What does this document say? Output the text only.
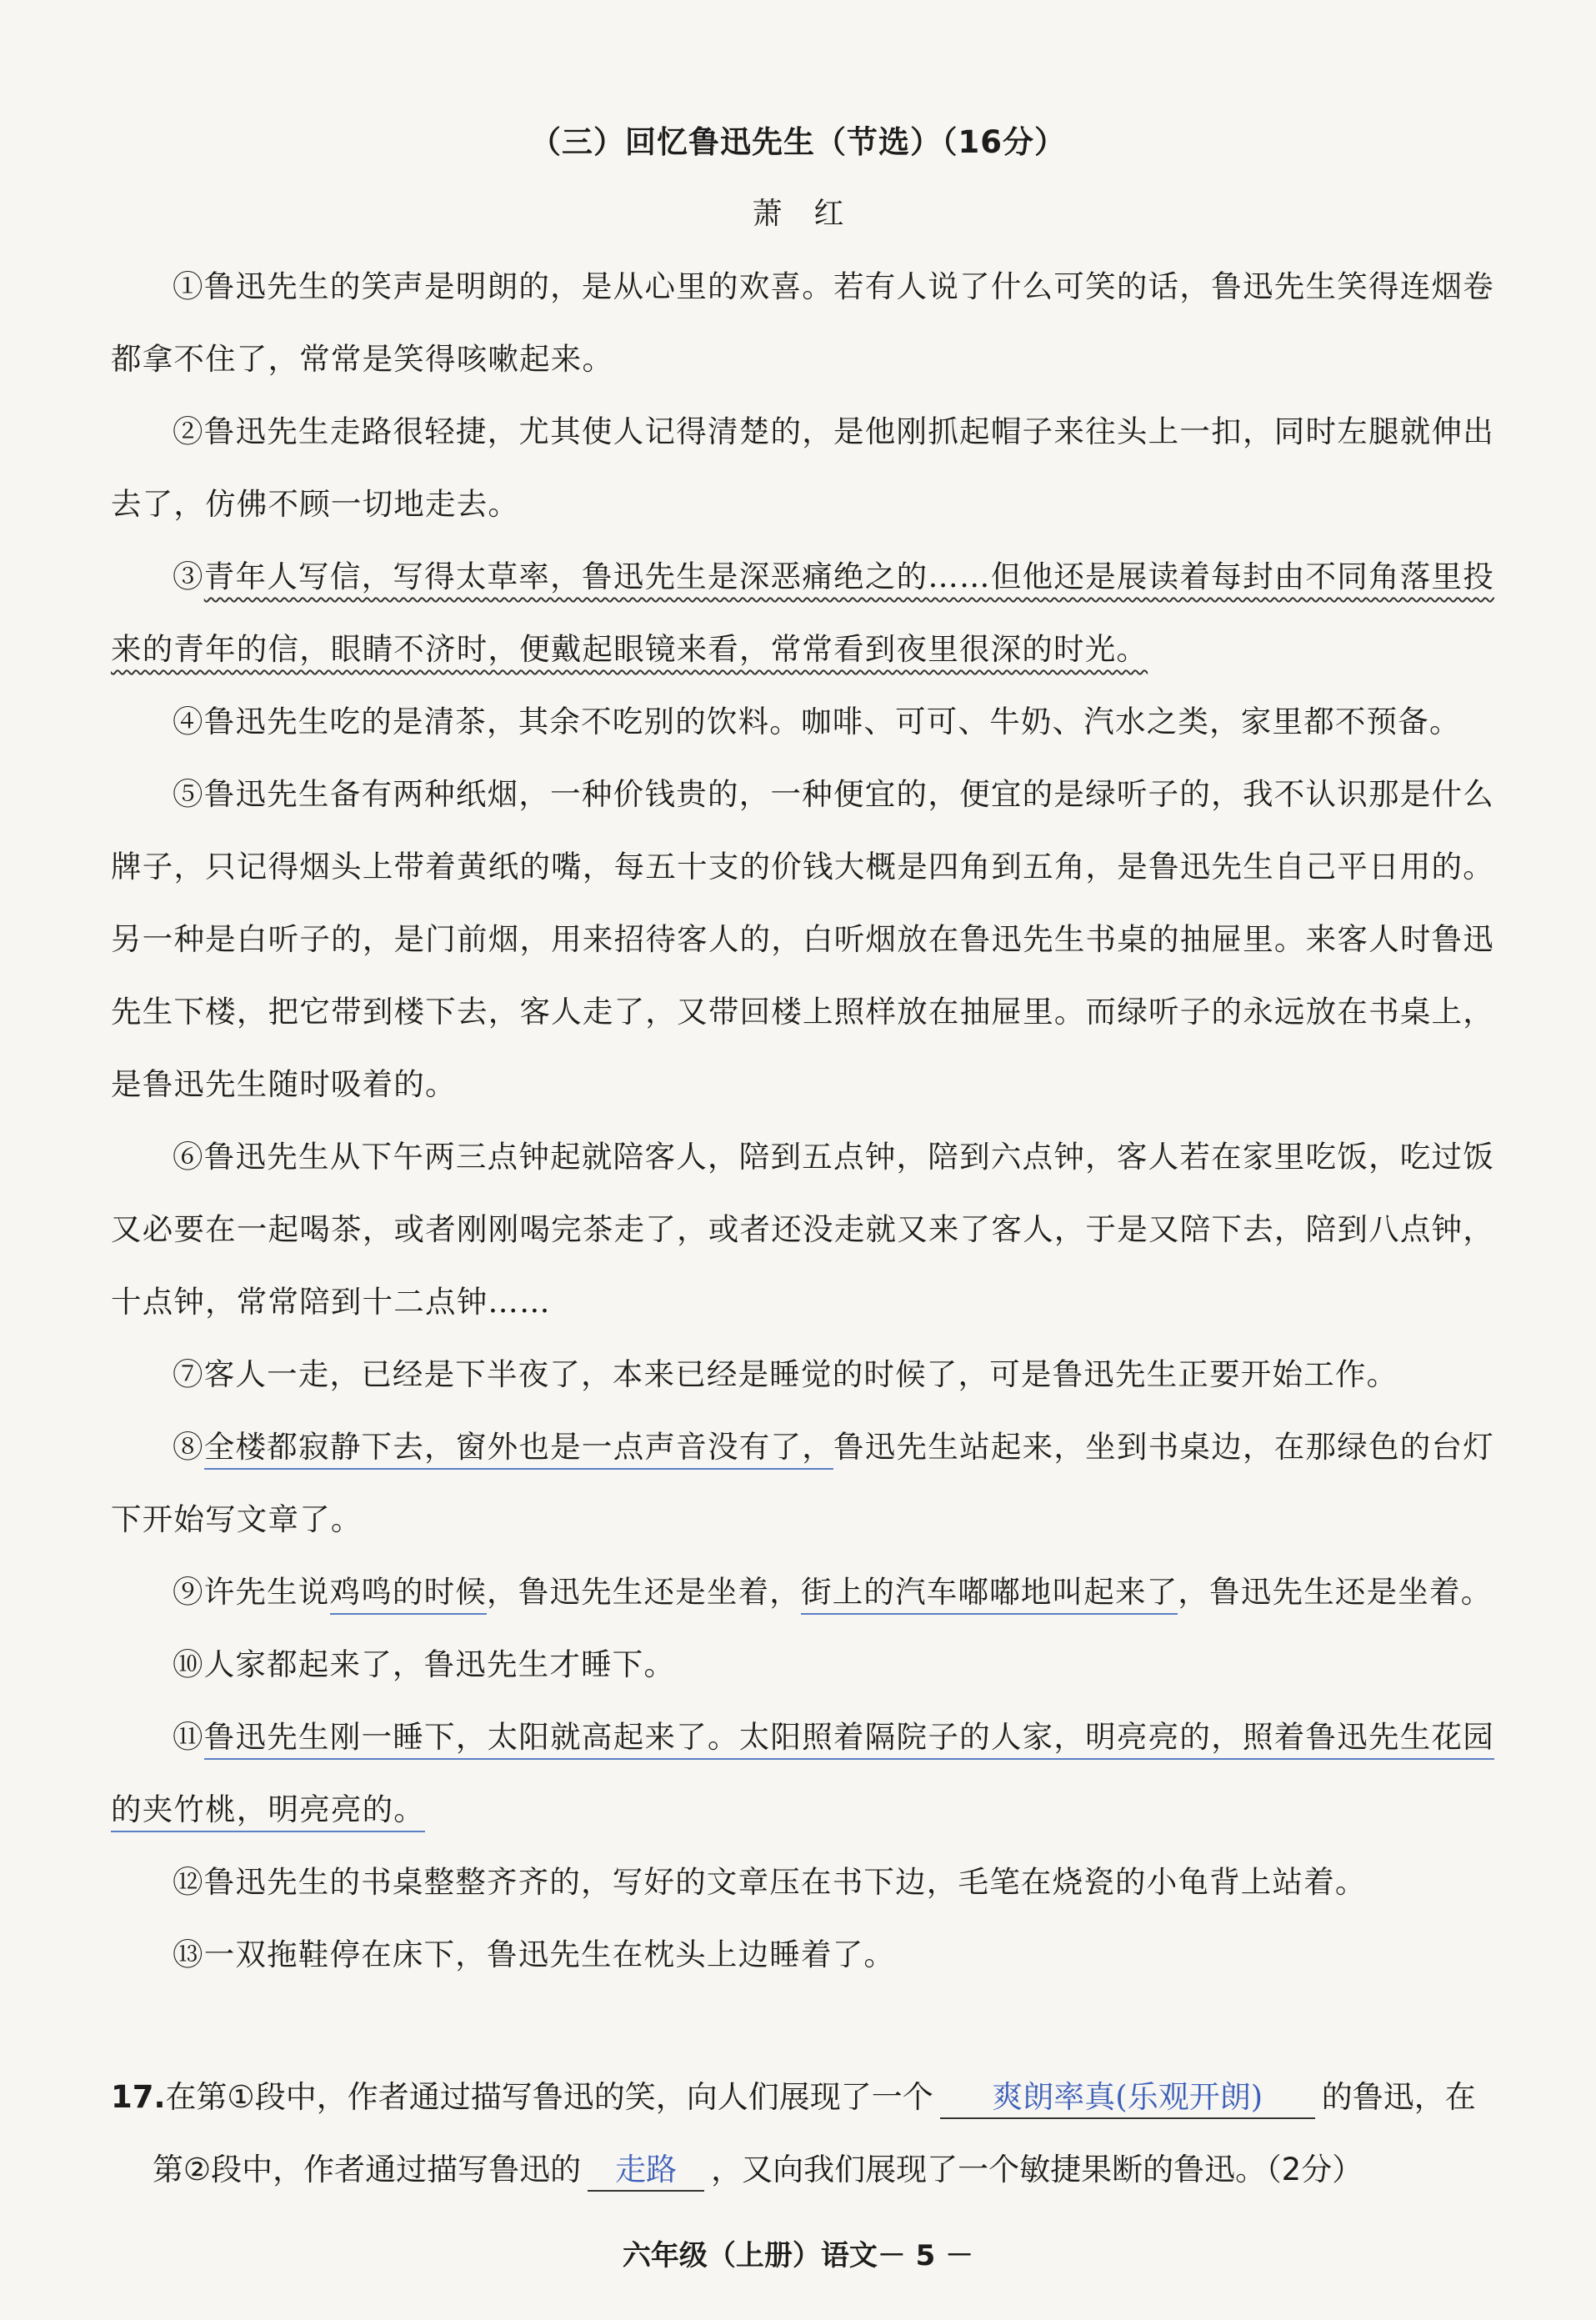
（三）回忆鲁迅先生（节选）（16分）
萧红

①鲁迅先生的笑声是明朗的，是从心里的欢喜。若有人说了什么可笑的话，鲁迅先生笑得连烟卷都拿不住了，常常是笑得咳嗽起来。

②鲁迅先生走路很轻捷，尤其使人记得清楚的，是他刚抓起帽子来往头上一扣，同时左腿就伸出去了，仿佛不顾一切地走去。

③青年人写信，写得太草率，鲁迅先生是深恶痛绝之的……但他还是展读着每封由不同角落里投来的青年的信，眼睛不济时，便戴起眼镜来看，常常看到夜里很深的时光。

④鲁迅先生吃的是清茶，其余不吃别的饮料。咖啡、可可、牛奶、汽水之类，家里都不预备。

⑤鲁迅先生备有两种纸烟，一种价钱贵的，一种便宜的，便宜的是绿听子的，我不认识那是什么牌子，只记得烟头上带着黄纸的嘴，每五十支的价钱大概是四角到五角，是鲁迅先生自己平日用的。另一种是白听子的，是门前烟，用来招待客人的，白听烟放在鲁迅先生书桌的抽屉里。来客人时鲁迅先生下楼，把它带到楼下去，客人走了，又带回楼上照样放在抽屉里。而绿听子的永远放在书桌上，是鲁迅先生随时吸着的。

⑥鲁迅先生从下午两三点钟起就陪客人，陪到五点钟，陪到六点钟，客人若在家里吃饭，吃过饭又必要在一起喝茶，或者刚刚喝完茶走了，或者还没走就又来了客人，于是又陪下去，陪到八点钟，十点钟，常常陪到十二点钟……

⑦客人一走，已经是下半夜了，本来已经是睡觉的时候了，可是鲁迅先生正要开始工作。

⑧全楼都寂静下去，窗外也是一点声音没有了，鲁迅先生站起来，坐到书桌边，在那绿色的台灯下开始写文章了。

⑨许先生说鸡鸣的时候，鲁迅先生还是坐着，街上的汽车嘟嘟地叫起来了，鲁迅先生还是坐着。

⑩人家都起来了，鲁迅先生才睡下。

⑪鲁迅先生刚一睡下，太阳就高起来了。太阳照着隔院子的人家，明亮亮的，照着鲁迅先生花园的夹竹桃，明亮亮的。

⑫鲁迅先生的书桌整整齐齐的，写好的文章压在书下边，毛笔在烧瓷的小龟背上站着。

⑬一双拖鞋停在床下，鲁迅先生在枕头上边睡着了。

17.在第①段中，作者通过描写鲁迅的笑，向人们展现了一个 爽朗率真(乐观开朗) 的鲁迅，在
第②段中，作者通过描写鲁迅的 走路 ，又向我们展现了一个敏捷果断的鲁迅。（2分）
六年级（上册）语文－ 5 －
